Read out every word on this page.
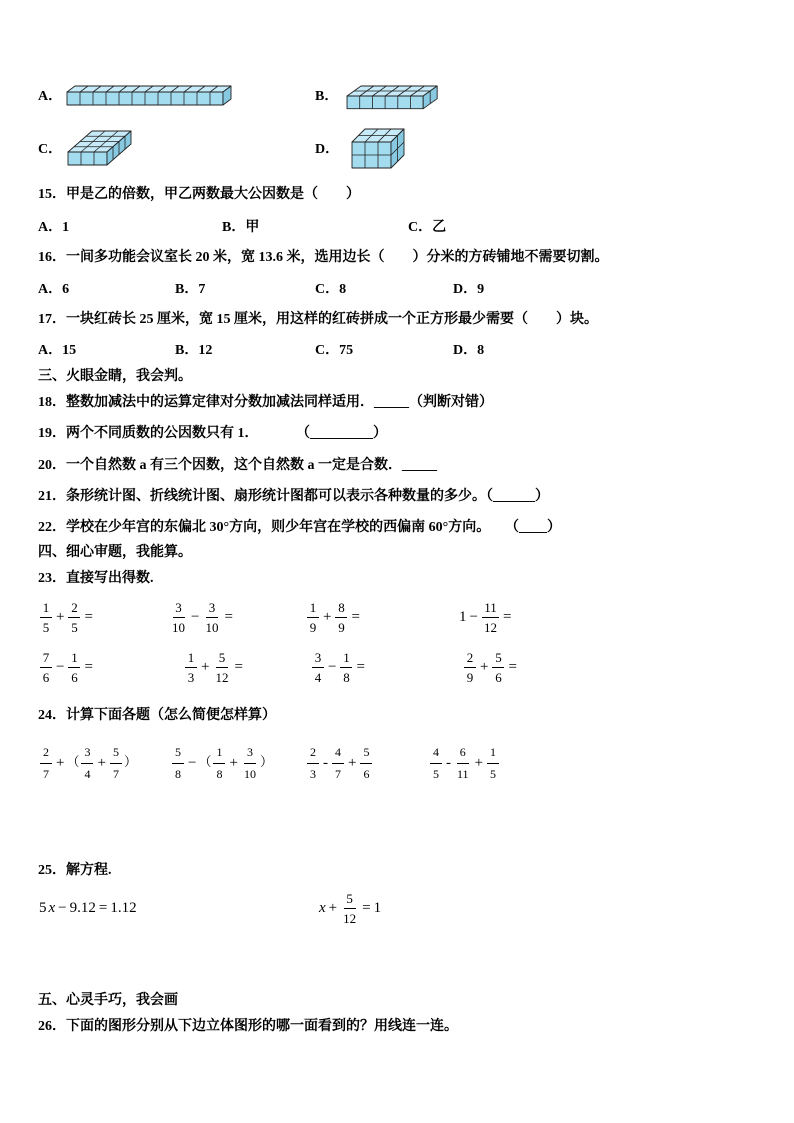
A．	B．
C．	D．
15．甲是乙的倍数，甲乙两数最大公因数是（　　）
A．1	B．甲	C．乙
16．一间多功能会议室长 20 米，宽 13.6 米，选用边长（　　）分米的方砖铺地不需要切割。
A．6	B．7	C．8	D．9
17．一块红砖长 25 厘米，宽 15 厘米，用这样的红砖拼成一个正方形最少需要（　　）块。
A．15	B．12	C．75	D．8
三、火眼金睛，我会判。
18．整数加减法中的运算定律对分数加减法同样适用．_____（判断对错）
19．两个不同质数的公因数只有 1．	（_________）
20．一个自然数 a 有三个因数，这个自然数 a 一定是合数．_____
21．条形统计图、折线统计图、扇形统计图都可以表示各种数量的多少。（______）
22．学校在少年宫的东偏北 30°方向，则少年宫在学校的西偏南 60°方向。 （____）
四、细心审题，我能算。
23．直接写出得数.
$\frac{1}{5} + \frac{2}{5}$ =	$\frac{3}{10} - \frac{3}{10}$ =	$\frac{1}{9} + \frac{8}{9}$ =	$1 - \frac{11}{12}$ =
$\frac{7}{6} - \frac{1}{6}$ =	$\frac{1}{3} + \frac{5}{12}$ =	$\frac{3}{4} - \frac{1}{8}$ =	$\frac{2}{9} + \frac{5}{6}$ =
24．计算下面各题（怎么简便怎样算）
$\frac{2}{7}$ + （ $\frac{3}{4} + \frac{5}{7}$ ）	$\frac{5}{8}$ − （ $\frac{1}{8} + \frac{3}{10}$ ）	$\frac{2}{3} - \frac{4}{7} + \frac{5}{6}$	$\frac{4}{5} - \frac{6}{11} + \frac{1}{5}$
25．解方程.
5 x − 9.12 = 1.12	$x + \frac{5}{12} = 1$
五、心灵手巧，我会画
26．下面的图形分别从下边立体图形的哪一面看到的？用线连一连。
